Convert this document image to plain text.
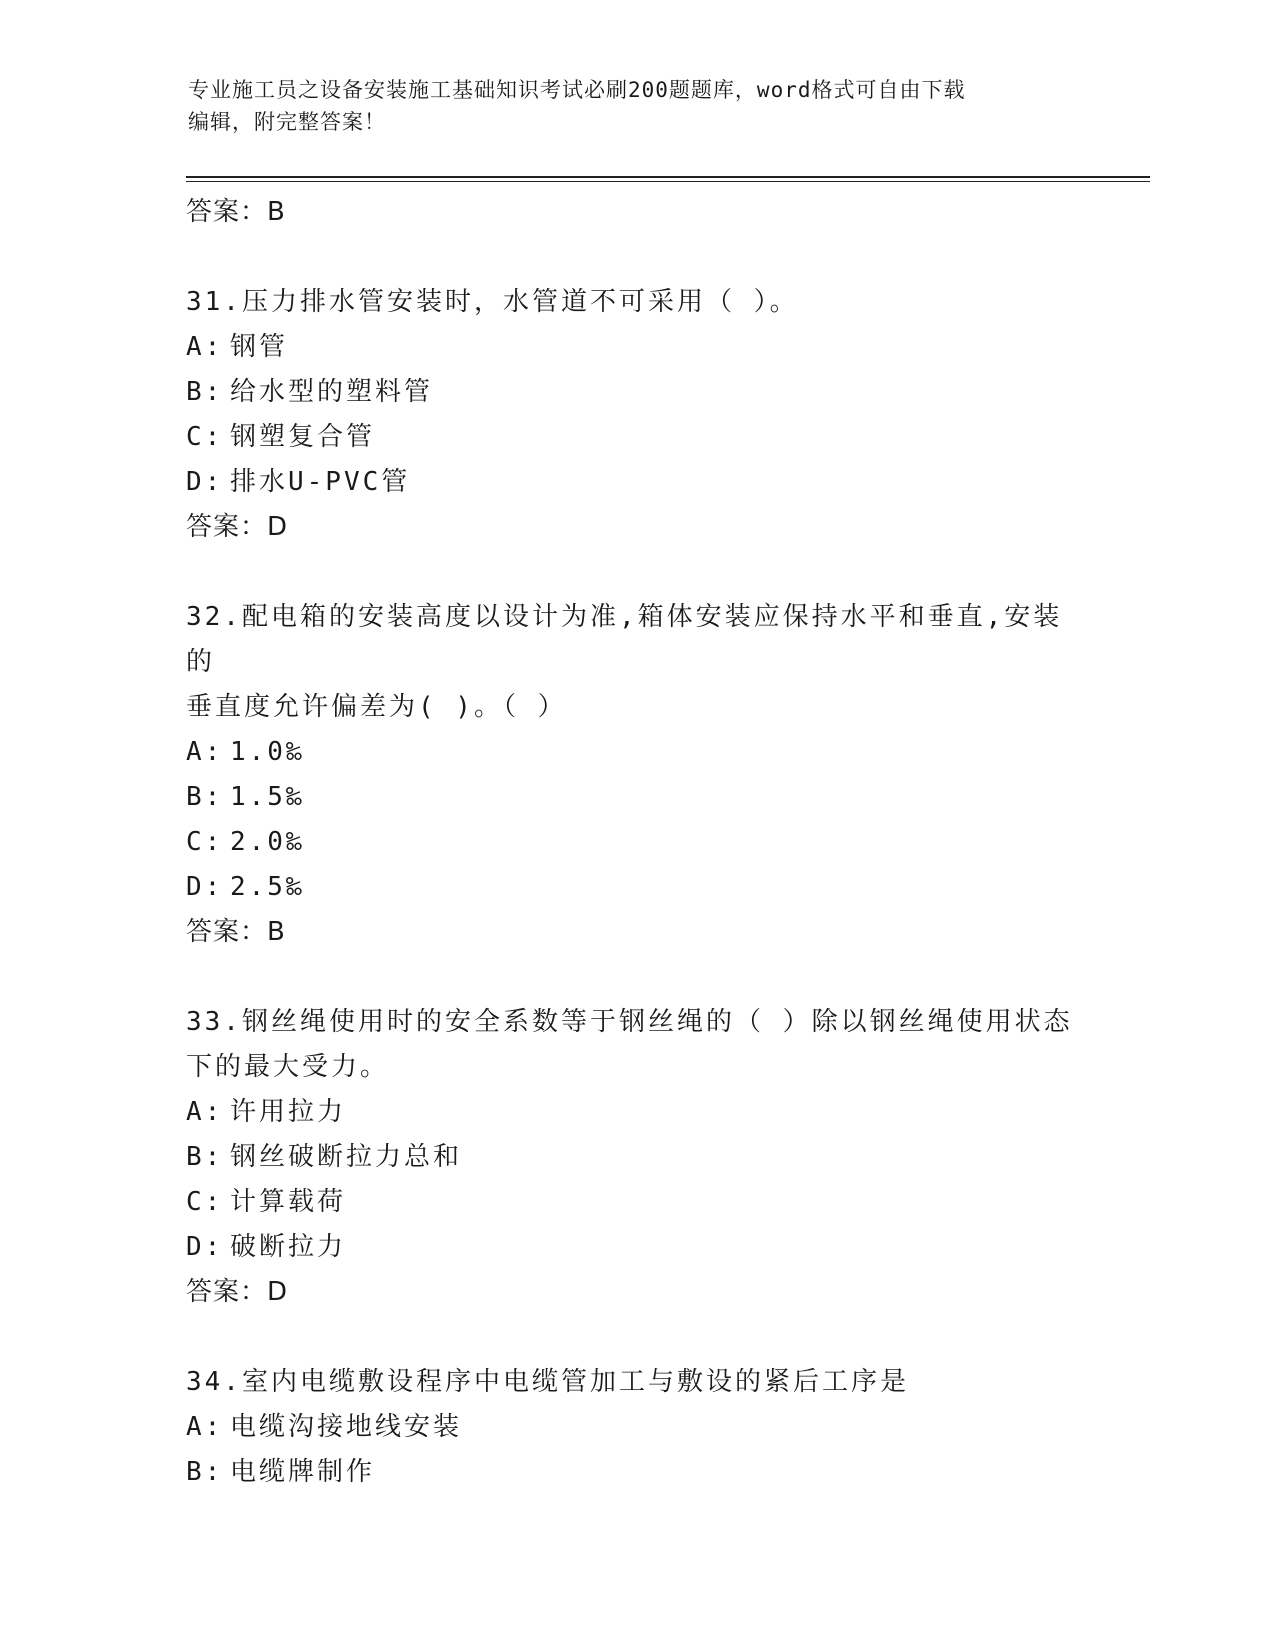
专业施工员之设备安装施工基础知识考试必刷200题题库，word格式可自由下载
编辑，附完整答案！
答案：B
31.压力排水管安装时，水管道不可采用（ ）。
A: 钢管
B: 给水型的塑料管
C: 钢塑复合管
D: 排水U-PVC管
答案：D
32.配电箱的安装高度以设计为准,箱体安装应保持水平和垂直,安装的
垂直度允许偏差为( )。（ ）
A: 1.0‰
B: 1.5‰
C: 2.0‰
D: 2.5‰
答案：B
33.钢丝绳使用时的安全系数等于钢丝绳的（ ）除以钢丝绳使用状态
下的最大受力。
A: 许用拉力
B: 钢丝破断拉力总和
C: 计算载荷
D: 破断拉力
答案：D
34.室内电缆敷设程序中电缆管加工与敷设的紧后工序是
A: 电缆沟接地线安装
B: 电缆牌制作
